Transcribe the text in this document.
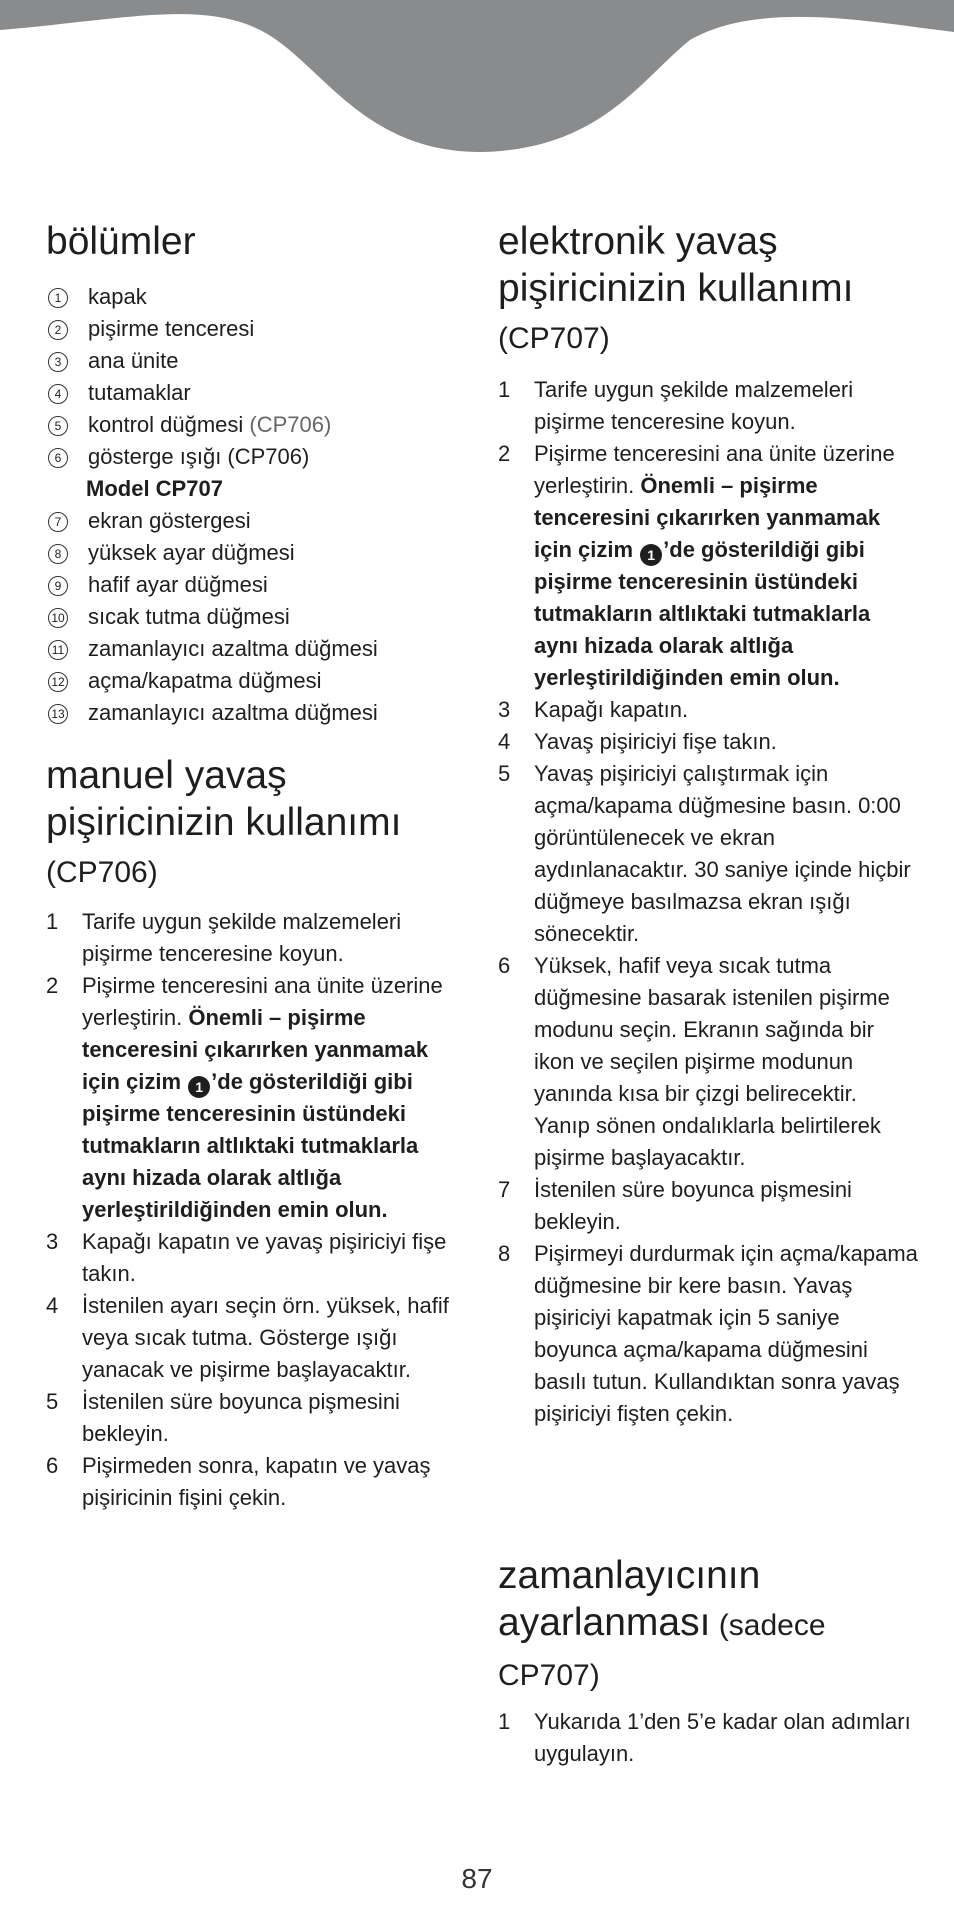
bölümler
1	kapak
2	pişirme tenceresi
3	ana ünite
4	tutamaklar
5	kontrol düğmesi (CP706)
6	gösterge ışığı (CP706)
Model CP707
7	ekran göstergesi
8	yüksek ayar düğmesi
9	hafif ayar düğmesi
10 sıcak tutma düğmesi
11 zamanlayıcı azaltma düğmesi
12 açma/kapatma düğmesi
13 zamanlayıcı azaltma düğmesi
manuel yavaş
pişiricinizin kullanımı
(CP706)
1	Tarife uygun şekilde malzemeleri pişirme tenceresine koyun.
2	Pişirme tenceresini ana ünite üzerine yerleştirin. Önemli – pişirme tenceresini çıkarırken yanmamak için çizim 1 ’de gösterildiği gibi pişirme tenceresinin üstündeki tutmakların altlıktaki tutmaklarla aynı hizada olarak altlığa yerleştirildiğinden emin olun.
3	Kapağı kapatın ve yavaş pişiriciyi fişe takın.
4	İstenilen ayarı seçin örn. yüksek, hafif veya sıcak tutma. Gösterge ışığı yanacak ve pişirme başlayacaktır.
5	İstenilen süre boyunca pişmesini bekleyin.
6	Pişirmeden sonra, kapatın ve yavaş pişiricinin fişini çekin.
elektronik yavaş
pişiricinizin kullanımı
(CP707)
1	Tarife uygun şekilde malzemeleri pişirme tenceresine koyun.
2	Pişirme tenceresini ana ünite üzerine yerleştirin. Önemli – pişirme tenceresini çıkarırken yanmamak için çizim 1 ’de gösterildiği gibi pişirme tenceresinin üstündeki tutmakların altlıktaki tutmaklarla aynı hizada olarak altlığa yerleştirildiğinden emin olun.
3	Kapağı kapatın.
4	Yavaş pişiriciyi fişe takın.
5	Yavaş pişiriciyi çalıştırmak için açma/kapama düğmesine basın. 0:00 görüntülenecek ve ekran aydınlanacaktır. 30 saniye içinde hiçbir düğmeye basılmazsa ekran ışığı sönecektir.
6	Yüksek, hafif veya sıcak tutma düğmesine basarak istenilen pişirme modunu seçin. Ekranın sağında bir ikon ve seçilen pişirme modunun yanında kısa bir çizgi belirecektir. Yanıp sönen ondalıklarla belirtilerek pişirme başlayacaktır.
7	İstenilen süre boyunca pişmesini bekleyin.
8	Pişirmeyi durdurmak için açma/kapama düğmesine bir kere basın. Yavaş pişiriciyi kapatmak için 5 saniye boyunca açma/kapama düğmesini basılı tutun. Kullandıktan sonra yavaş pişiriciyi fişten çekin.
zamanlayıcının
ayarlanması (sadece
CP707)
1	Yukarıda 1’den 5’e kadar olan adımları uygulayın.
87
